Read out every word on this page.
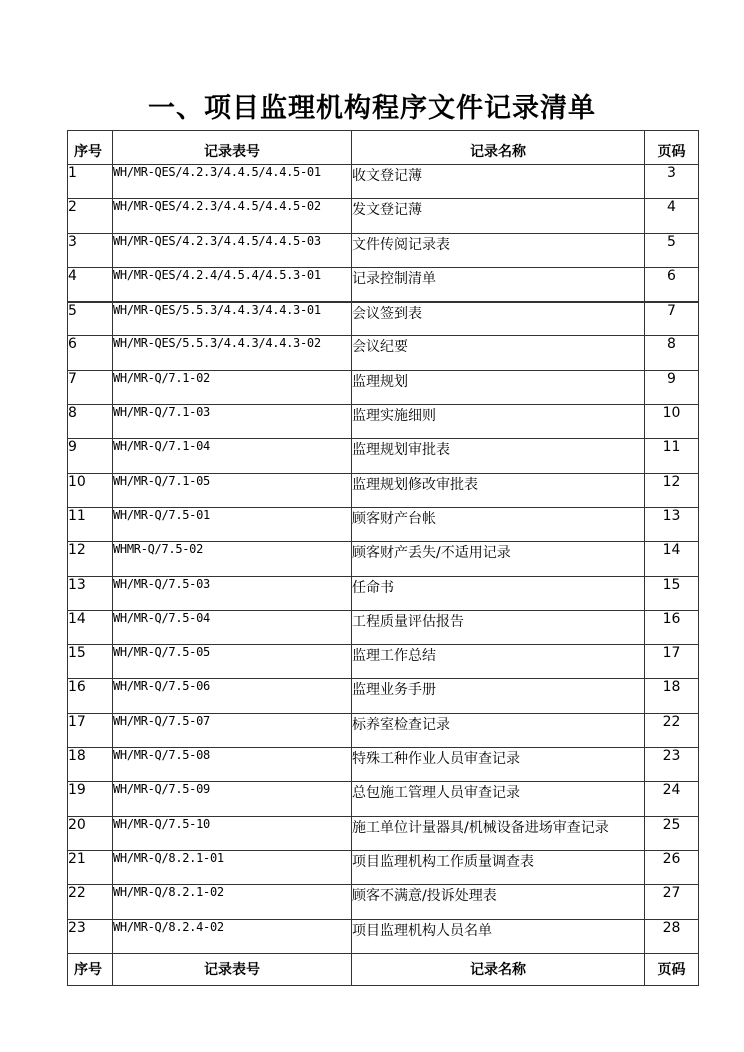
一、项目监理机构程序文件记录清单
序号	记录表号	记录名称	页码
1	WH/MR-QES/4.2.3/4.4.5/4.4.5-01	收文登记薄	3
2	WH/MR-QES/4.2.3/4.4.5/4.4.5-02	发文登记薄	4
3	WH/MR-QES/4.2.3/4.4.5/4.4.5-03	文件传阅记录表	5
4	WH/MR-QES/4.2.4/4.5.4/4.5.3-01	记录控制清单	6
5	WH/MR-QES/5.5.3/4.4.3/4.4.3-01	会议签到表	7
6	WH/MR-QES/5.5.3/4.4.3/4.4.3-02	会议纪要	8
7	WH/MR-Q/7.1-02	监理规划	9
8	WH/MR-Q/7.1-03	监理实施细则	10
9	WH/MR-Q/7.1-04	监理规划审批表	11
10	WH/MR-Q/7.1-05	监理规划修改审批表	12
11	WH/MR-Q/7.5-01	顾客财产台帐	13
12	WHMR-Q/7.5-02	顾客财产丢失/不适用记录	14
13	WH/MR-Q/7.5-03	任命书	15
14	WH/MR-Q/7.5-04	工程质量评估报告	16
15	WH/MR-Q/7.5-05	监理工作总结	17
16	WH/MR-Q/7.5-06	监理业务手册	18
17	WH/MR-Q/7.5-07	标养室检查记录	22
18	WH/MR-Q/7.5-08	特殊工种作业人员审查记录	23
19	WH/MR-Q/7.5-09	总包施工管理人员审查记录	24
20	WH/MR-Q/7.5-10	施工单位计量器具/机械设备进场审查记录	25
21	WH/MR-Q/8.2.1-01	项目监理机构工作质量调查表	26
22	WH/MR-Q/8.2.1-02	顾客不满意/投诉处理表	27
23	WH/MR-Q/8.2.4-02	项目监理机构人员名单	28
序号	记录表号	记录名称	页码
